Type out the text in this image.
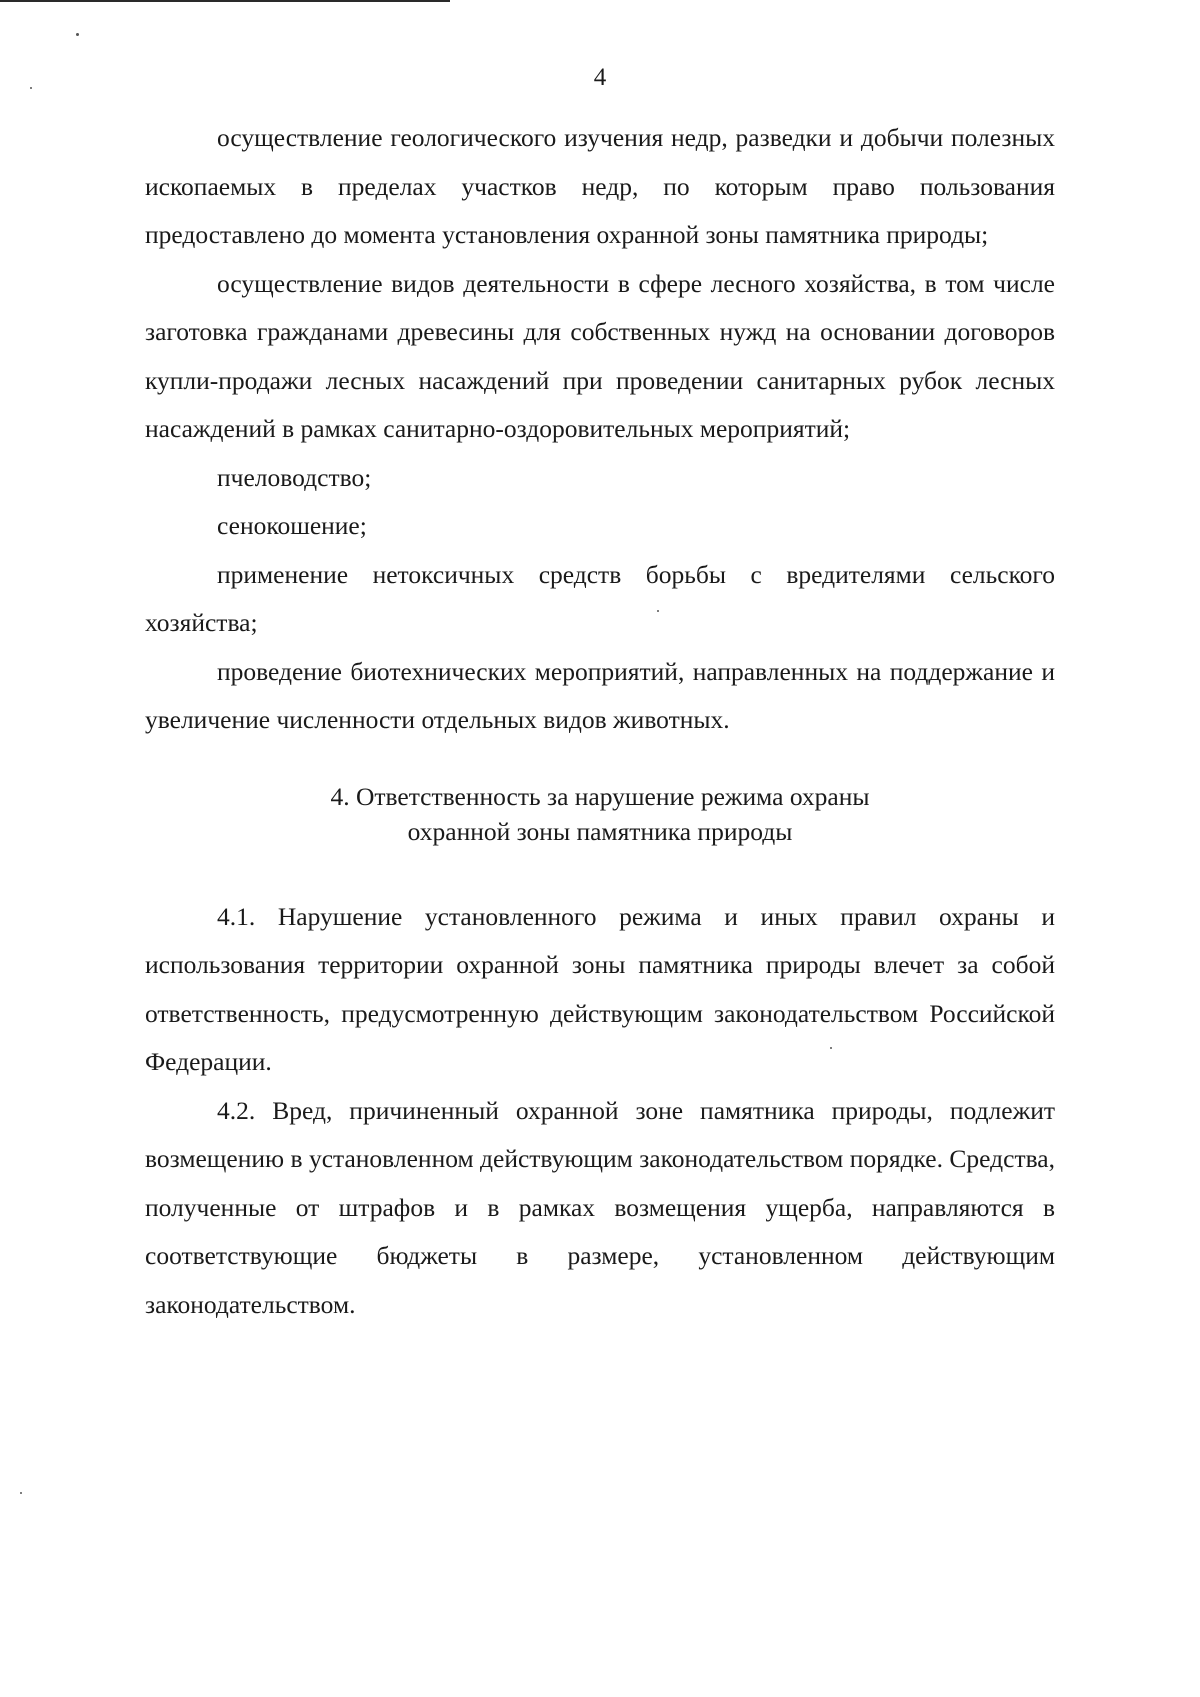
4

осуществление геологического изучения недр, разведки и добычи полезных ископаемых в пределах участков недр, по которым право пользования предоставлено до момента установления охранной зоны памятника природы;

осуществление видов деятельности в сфере лесного хозяйства, в том числе заготовка гражданами древесины для собственных нужд на основании договоров купли-продажи лесных насаждений при проведении санитарных рубок лесных насаждений в рамках санитарно-оздоровительных мероприятий;

пчеловодство;

сенокошение;

применение нетоксичных средств борьбы с вредителями сельского хозяйства;

проведение биотехнических мероприятий, направленных на поддержание и увеличение численности отдельных видов животных.

4. Ответственность за нарушение режима охраны
охранной зоны памятника природы

4.1. Нарушение установленного режима и иных правил охраны и использования территории охранной зоны памятника природы влечет за собой ответственность, предусмотренную действующим законодательством Российской Федерации.

4.2. Вред, причиненный охранной зоне памятника природы, подлежит возмещению в установленном действующим законодательством порядке. Средства, полученные от штрафов и в рамках возмещения ущерба, направляются в соответствующие бюджеты в размере, установленном действующим законодательством.
